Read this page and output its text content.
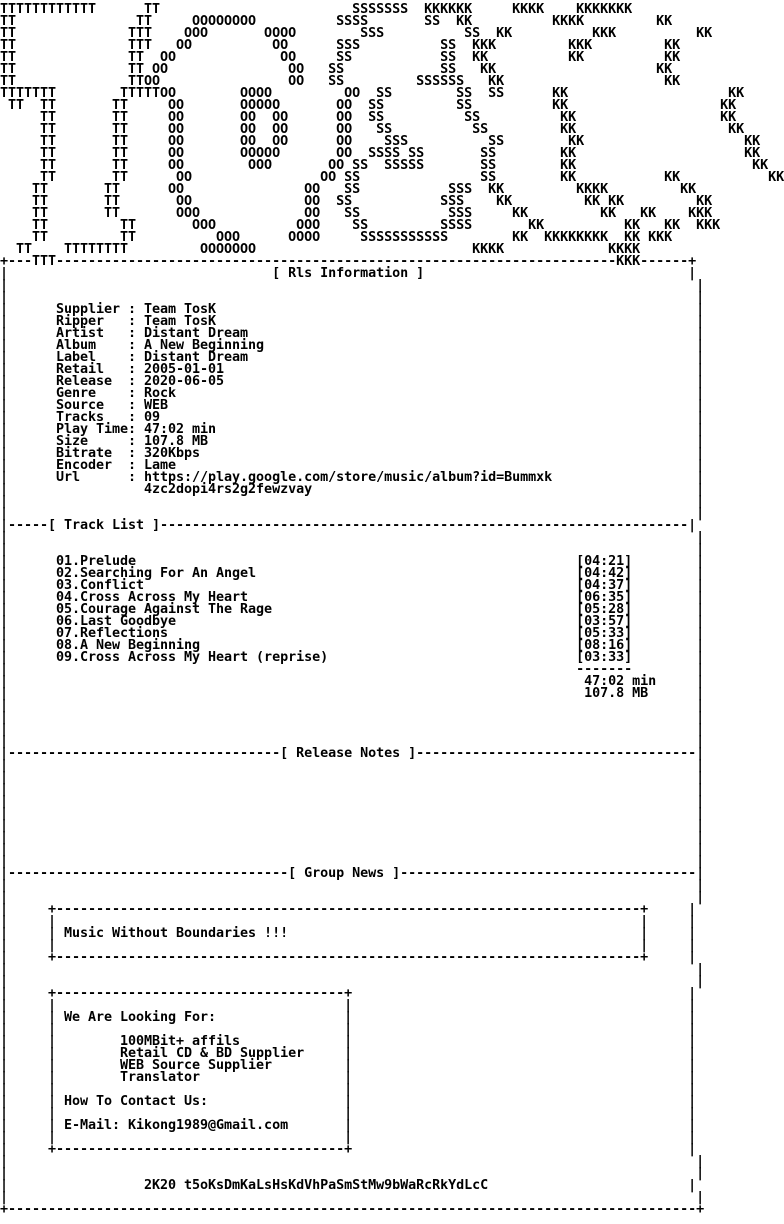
TTTTTTTTTTTT      TT                        SSSSSSS  KKKKKK     KKKK    KKKKKKK
TT               TT     OOOOOOOO          SSSS       SS  KK          KKKK         KK
TT              TTT    OOO       OOOO        SSS          SS  KK          KKK          KK
TT              TTT   OO          OO      SSS          SS  KKK         KKK         KK
TT              TT  OO             OO     SS           SS  KK          KK          KK
TT              TT OO               OO   SS            SS   KK                    KK
TT              TTOO                OO   SS         SSSSSS   KK                    KK
TTTTTTT        TTTTTOO        OOOO         OO  SS        SS  SS      KK                    KK
TT  TT       TT     OO       OOOOO       OO  SS         SS          KK                   KK
TT       TT     OO       OO  OO      OO  SS          SS          KK                  KK
TT       TT     OO       OO  OO      OO   SS          SS         KK                   KK
TT       TT     OO       OO  OO      OO    SSS          SS        KK                    KK
TT       TT     OO       OOOOO       OO  SSSS SS       SS        KK                     KK
TT       TT     OO        OOO       OO SS  SSSSS       SS        KK                      KK
TT       TT      OO                OO SS               SS        KK           KK           KK
TT       TT      OO               OO   SS           SSS  KK         KKKK         KK
TT       TT       OO              OO  SS           SSS    KK         KK KK         KK
TT       TT       OOO             OO   SS           SSS     KK         KK   KK    KKK
TT         TT       OOO          OOO    SS         SSSS       KK          KK   KK  KKK
TT         TT          OOO      OOOO     SSSSSSSSSSS        KK  KKKKKKKK  KK KKK
TT    TTTTTTTT         OOOOOOO                           KKKK             KKKK
+---TTT----------------------------------------------------------------------KKK------+
|                                 [ Rls Information ]                                 |
|                                                                                      |
|                                                                                      |
|      Supplier : Team TosK                                                            |
|      Ripper   : Team TosK                                                            |
|      Artist   : Distant Dream                                                        |
|      Album    : A New Beginning                                                      |
|      Label    : Distant Dream                                                        |
|      Retail   : 2005-01-01                                                           |
|      Release  : 2020-06-05                                                           |
|      Genre    : Rock                                                                 |
|      Source   : WEB                                                                  |
|      Tracks   : 09                                                                   |
|      Play Time: 47:02 min                                                            |
|      Size     : 107.8 MB                                                             |
|      Bitrate  : 320Kbps                                                              |
|      Encoder  : Lame                                                                 |
|      Url      : https://play.google.com/store/music/album?id=Bummxk                  |
|                 4zc2dopi4rs2g2fewzvay                                                |
|                                                                                      |
|                                                                                      |
|-----[ Track List ]------------------------------------------------------------------|
|                                                                                      |
|                                                                                      |
|      01.Prelude                                                       [04:21]        |
|      02.Searching For An Angel                                        [04:42]        |
|      03.Conflict                                                      [04:37]        |
|      04.Cross Across My Heart                                         [06:35]        |
|      05.Courage Against The Rage                                      [05:28]        |
|      06.Last Goodbye                                                  [03:57]        |
|      07.Reflections                                                   [05:33]        |
|      08.A New Beginning                                               [08:16]        |
|      09.Cross Across My Heart (reprise)                               [03:33]        |
|                                                                       -------        |
|                                                                        47:02 min     |
|                                                                        107.8 MB      |
|                                                                                      |
|                                                                                      |
|                                                                                      |
|                                                                                      |
|----------------------------------[ Release Notes ]-----------------------------------|
|                                                                                      |
|                                                                                      |
|                                                                                      |
|                                                                                      |
|                                                                                      |
|                                                                                      |
|                                                                                      |
|                                                                                      |
|                                                                                      |
|-----------------------------------[ Group News ]-------------------------------------|
|                                                                                      |
|                                                                                      |
|     +-------------------------------------------------------------------------+     |
|     |                                                                         |     |
|     | Music Without Boundaries !!!                                            |     |
|     |                                                                         |     |
|     +-------------------------------------------------------------------------+     |
|                                                                                      |
|                                                                                      |
|     +------------------------------------+                                          |
|     |                                    |                                          |
|     | We Are Looking For:                |                                          |
|     |                                    |                                          |
|     |        100MBit+ affils             |                                          |
|     |        Retail CD & BD Supplier     |                                          |
|     |        WEB Source Supplier         |                                          |
|     |        Translator                  |                                          |
|     |                                    |                                          |
|     | How To Contact Us:                 |                                          |
|     |                                    |                                          |
|     | E-Mail: Kikong1989@Gmail.com       |                                          |
|     |                                    |                                          |
|     +------------------------------------+                                          |
|                                                                                      |
|                                                                                      |
|                 2K20 t5oKsDmKaLsHsKdVhPaSmStMw9bWaRcRkYdLcC                         |
|                                                                                      |
+--------------------------------------------------------------------------------------+
